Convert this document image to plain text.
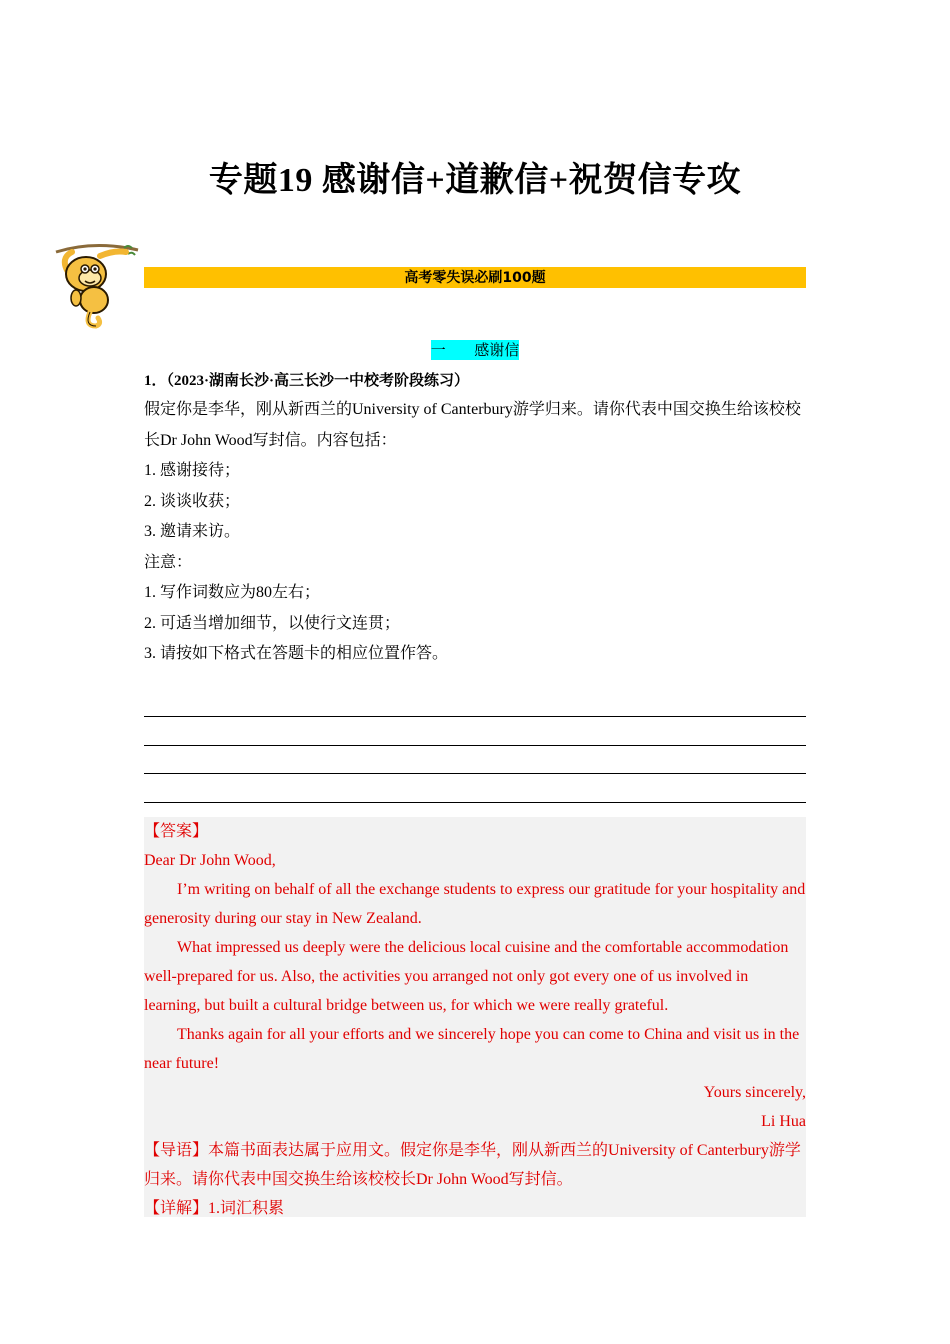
专题19 感谢信+道歉信+祝贺信专攻
高考零失误必刷100题
一      感谢信
1．（2023·湖南长沙·高三长沙一中校考阶段练习）

假定你是李华，刚从新西兰的University of Canterbury游学归来。请你代表中国交换生给该校校长Dr John Wood写封信。内容包括：

1. 感谢接待；

2. 谈谈收获；

3. 邀请来访。

注意：

1. 写作词数应为80左右；

2. 可适当增加细节，以使行文连贯；

3. 请按如下格式在答题卡的相应位置作答。

【答案】

Dear Dr John Wood,

I’m writing on behalf of all the exchange students to express our gratitude for your hospitality and generosity during our stay in New Zealand.

What impressed us deeply were the delicious local cuisine and the comfortable accommodation well-prepared for us. Also, the activities you arranged not only got every one of us involved in learning, but built a cultural bridge between us, for which we were really grateful.

Thanks again for all your efforts and we sincerely hope you can come to China and visit us in the near future!

Yours sincerely,

Li Hua

【导语】本篇书面表达属于应用文。假定你是李华，刚从新西兰的University of Canterbury游学归来。请你代表中国交换生给该校校长Dr John Wood写封信。

【详解】1.词汇积累
